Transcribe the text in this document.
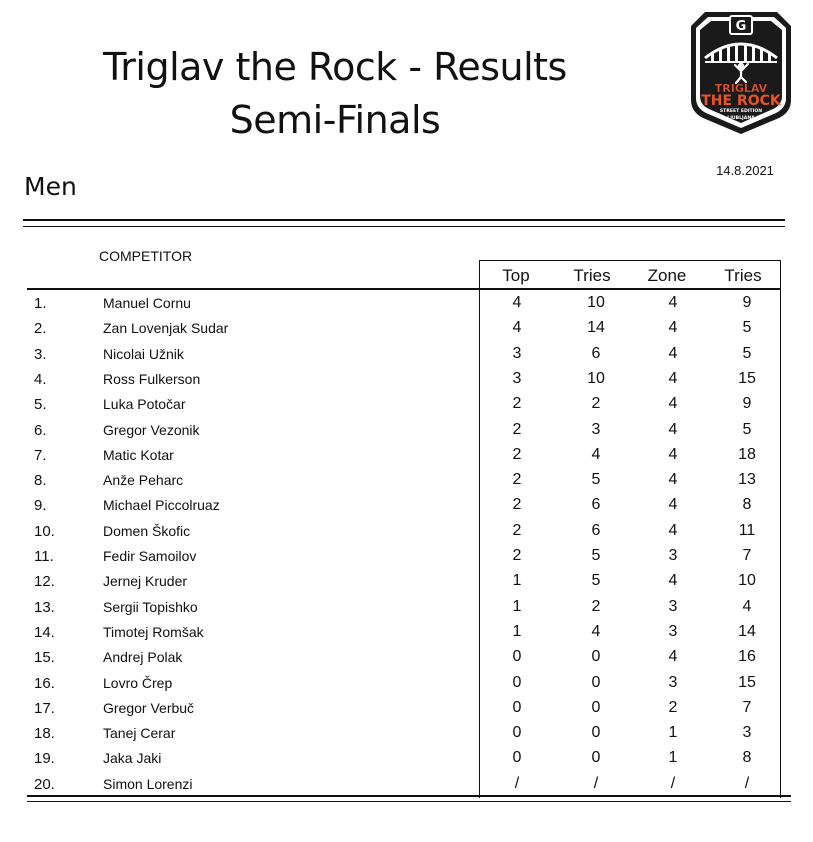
Triglav the Rock - Results
Semi-Finals
G
TRIGLAV
THE ROCK
STREET EDITION
LJUBLJANA
14.8.2021
Men
COMPETITOR
Top	Tries	Zone	Tries
1.	Manuel Cornu	4	10	4	9
2.	Zan Lovenjak Sudar	4	14	4	5
3.	Nicolai Užnik	3	6	4	5
4.	Ross Fulkerson	3	10	4	15
5.	Luka Potočar	2	2	4	9
6.	Gregor Vezonik	2	3	4	5
7.	Matic Kotar	2	4	4	18
8.	Anže Peharc	2	5	4	13
9.	Michael Piccolruaz	2	6	4	8
10.	Domen Škofic	2	6	4	11
11.	Fedir Samoilov	2	5	3	7
12.	Jernej Kruder	1	5	4	10
13.	Sergii Topishko	1	2	3	4
14.	Timotej Romšak	1	4	3	14
15.	Andrej Polak	0	0	4	16
16.	Lovro Črep	0	0	3	15
17.	Gregor Verbuč	0	0	2	7
18.	Tanej Cerar	0	0	1	3
19.	Jaka Jaki	0	0	1	8
20.	Simon Lorenzi	/	/	/	/
